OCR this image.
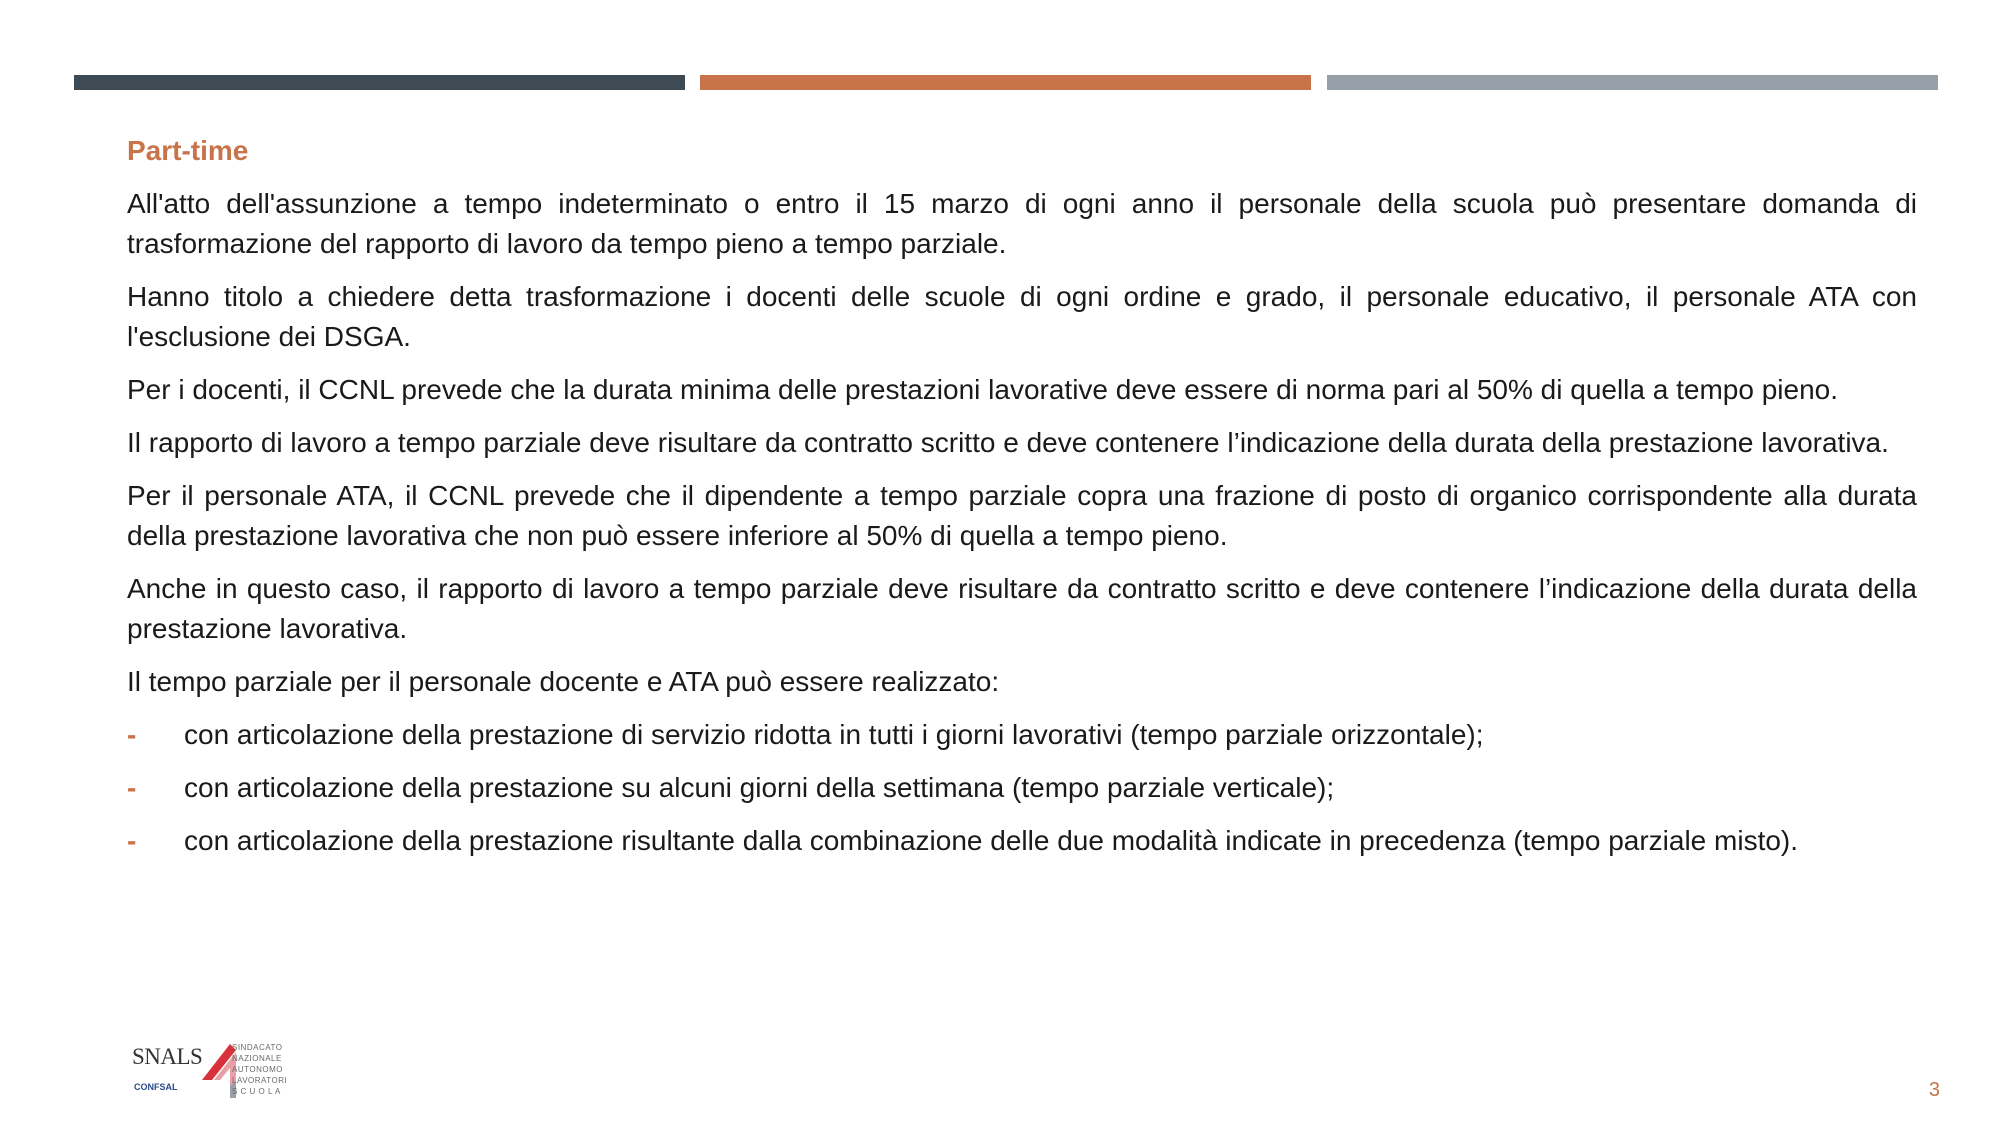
Part-time

All'atto dell'assunzione a tempo indeterminato o entro il 15 marzo di ogni anno il personale della scuola può presentare domanda di trasformazione del rapporto di lavoro da tempo pieno a tempo parziale.

Hanno titolo a chiedere detta trasformazione i docenti delle scuole di ogni ordine e grado, il personale educativo, il personale ATA con l'esclusione dei DSGA.

Per i docenti, il CCNL prevede che la durata minima delle prestazioni lavorative deve essere di norma pari al 50% di quella a tempo pieno.

Il rapporto di lavoro a tempo parziale deve risultare da contratto scritto e deve contenere l’indicazione della durata della prestazione lavorativa.

Per il personale ATA, il CCNL prevede che il dipendente a tempo parziale copra una frazione di posto di organico corrispondente alla durata della prestazione lavorativa che non può essere inferiore al 50% di quella a tempo pieno.

Anche in questo caso, il rapporto di lavoro a tempo parziale deve risultare da contratto scritto e deve contenere l’indicazione della durata della prestazione lavorativa.

Il tempo parziale per il personale docente e ATA può essere realizzato:

- con articolazione della prestazione di servizio ridotta in tutti i giorni lavorativi (tempo parziale orizzontale);
- con articolazione della prestazione su alcuni giorni della settimana (tempo parziale verticale);
- con articolazione della prestazione risultante dalla combinazione delle due modalità indicate in precedenza (tempo parziale misto).
SNALS
CONFSAL
SINDACATO
NAZIONALE
AUTONOMO
LAVORATORI
S C U O L A	3
